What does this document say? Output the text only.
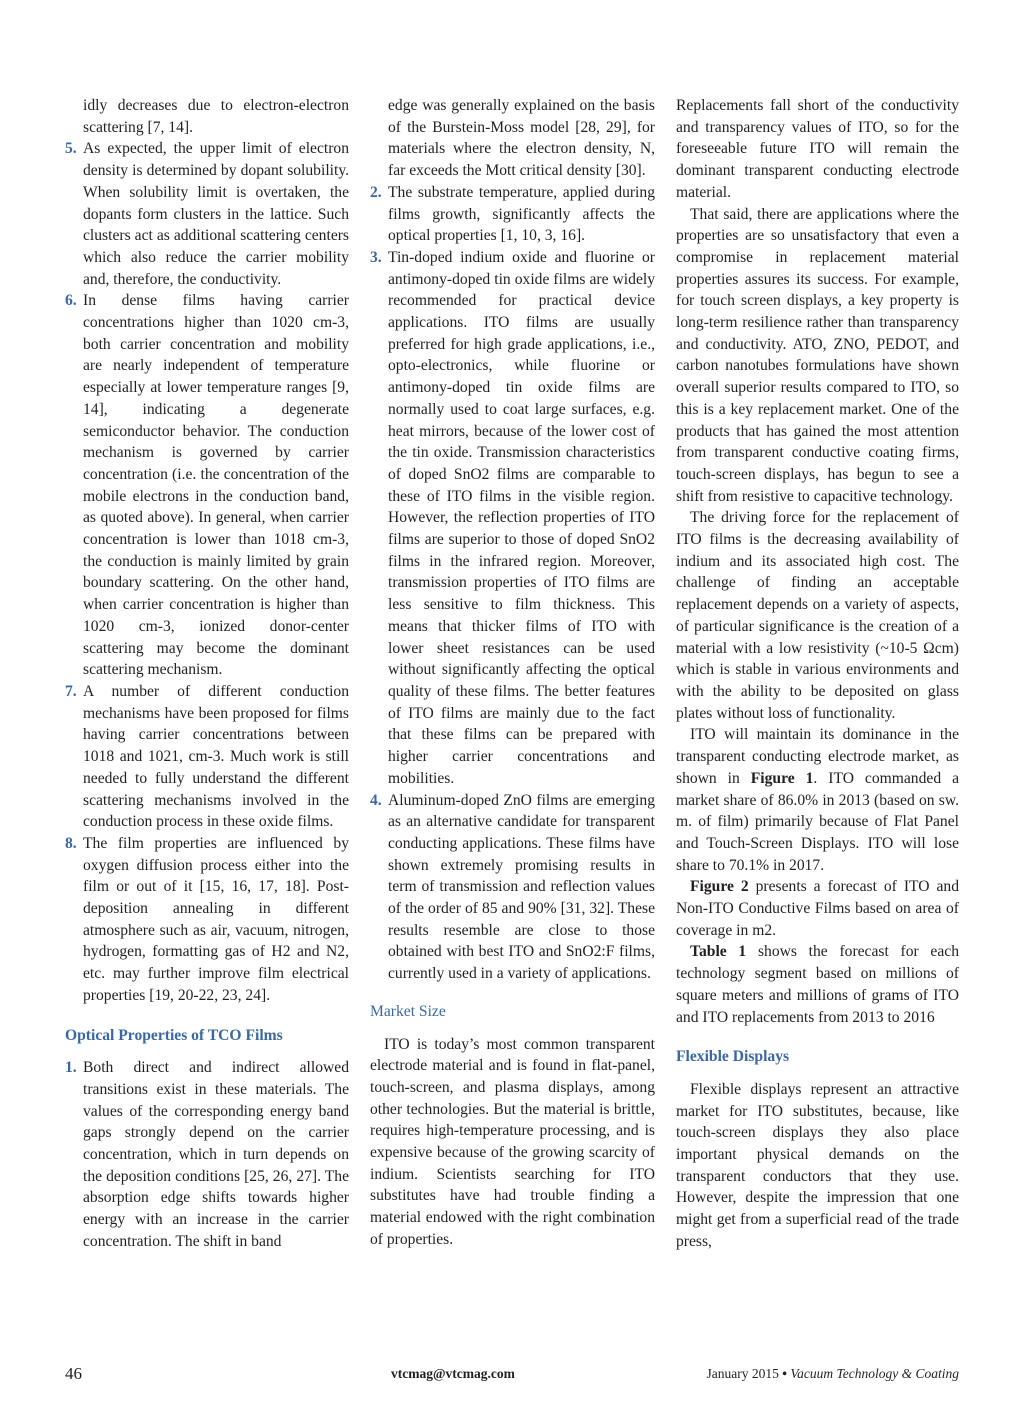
idly decreases due to electron-electron scattering [7, 14].

5. As expected, the upper limit of electron density is determined by dopant solubility. When solubility limit is overtaken, the dopants form clusters in the lattice. Such clusters act as additional scattering centers which also reduce the carrier mobility and, therefore, the conductivity.
6. In dense films having carrier concentrations higher than 1020 cm-3, both carrier concentration and mobility are nearly independent of temperature especially at lower temperature ranges [9, 14], indicating a degenerate semiconductor behavior. The conduction mechanism is governed by carrier concentration (i.e. the concentration of the mobile electrons in the conduction band, as quoted above). In general, when carrier concentration is lower than 1018 cm-3, the conduction is mainly limited by grain boundary scattering. On the other hand, when carrier concentration is higher than 1020 cm-3, ionized donor-center scattering may become the dominant scattering mechanism.
7. A number of different conduction mechanisms have been proposed for films having carrier concentrations between 1018 and 1021, cm-3. Much work is still needed to fully understand the different scattering mechanisms involved in the conduction process in these oxide films.
8. The film properties are influenced by oxygen diffusion process either into the film or out of it [15, 16, 17, 18]. Post-deposition annealing in different atmosphere such as air, vacuum, nitrogen, hydrogen, formatting gas of H2 and N2, etc. may further improve film electrical properties [19, 20-22, 23, 24].

Optical Properties of TCO Films

1. Both direct and indirect allowed transitions exist in these materials. The values of the corresponding energy band gaps strongly depend on the carrier concentration, which in turn depends on the deposition conditions [25, 26, 27]. The absorption edge shifts towards higher energy with an increase in the carrier concentration. The shift in band

edge was generally explained on the basis of the Burstein-Moss model [28, 29], for materials where the electron density, N, far exceeds the Mott critical density [30].

2. The substrate temperature, applied during films growth, significantly affects the optical properties [1, 10, 3, 16].
3. Tin-doped indium oxide and fluorine or antimony-doped tin oxide films are widely recommended for practical device applications. ITO films are usually preferred for high grade applications, i.e., opto-electronics, while fluorine or antimony-doped tin oxide films are normally used to coat large surfaces, e.g. heat mirrors, because of the lower cost of the tin oxide. Transmission characteristics of doped SnO2 films are comparable to these of ITO films in the visible region. However, the reflection properties of ITO films are superior to those of doped SnO2 films in the infrared region. Moreover, transmission properties of ITO films are less sensitive to film thickness. This means that thicker films of ITO with lower sheet resistances can be used without significantly affecting the optical quality of these films. The better features of ITO films are mainly due to the fact that these films can be prepared with higher carrier concentrations and mobilities.
4. Aluminum-doped ZnO films are emerging as an alternative candidate for transparent conducting applications. These films have shown extremely promising results in term of transmission and reflection values of the order of 85 and 90% [31, 32]. These results resemble are close to those obtained with best ITO and SnO2:F films, currently used in a variety of applications.

Market Size

ITO is today’s most common transparent electrode material and is found in flat-panel, touch-screen, and plasma displays, among other technologies. But the material is brittle, requires high-temperature processing, and is expensive because of the growing scarcity of indium. Scientists searching for ITO substitutes have had trouble finding a material endowed with the right combination of properties.

Replacements fall short of the conductivity and transparency values of ITO, so for the foreseeable future ITO will remain the dominant transparent conducting electrode material.

That said, there are applications where the properties are so unsatisfactory that even a compromise in replacement material properties assures its success. For example, for touch screen displays, a key property is long-term resilience rather than transparency and conductivity. ATO, ZNO, PEDOT, and carbon nanotubes formulations have shown overall superior results compared to ITO, so this is a key replacement market. One of the products that has gained the most attention from transparent conductive coating firms, touch-screen displays, has begun to see a shift from resistive to capacitive technology.

The driving force for the replacement of ITO films is the decreasing availability of indium and its associated high cost. The challenge of finding an acceptable replacement depends on a variety of aspects, of particular significance is the creation of a material with a low resistivity (~10-5 Ωcm) which is stable in various environments and with the ability to be deposited on glass plates without loss of functionality.

ITO will maintain its dominance in the transparent conducting electrode market, as shown in Figure 1. ITO commanded a market share of 86.0% in 2013 (based on sw. m. of film) primarily because of Flat Panel and Touch-Screen Displays. ITO will lose share to 70.1% in 2017.

Figure 2 presents a forecast of ITO and Non-ITO Conductive Films based on area of coverage in m2.

Table 1 shows the forecast for each technology segment based on millions of square meters and millions of grams of ITO and ITO replacements from 2013 to 2016

Flexible Displays

Flexible displays represent an attractive market for ITO substitutes, because, like touch-screen displays they also place important physical demands on the transparent conductors that they use. However, despite the impression that one might get from a superficial read of the trade press,

46	vtcmag@vtcmag.com	January 2015 • Vacuum Technology & Coating
